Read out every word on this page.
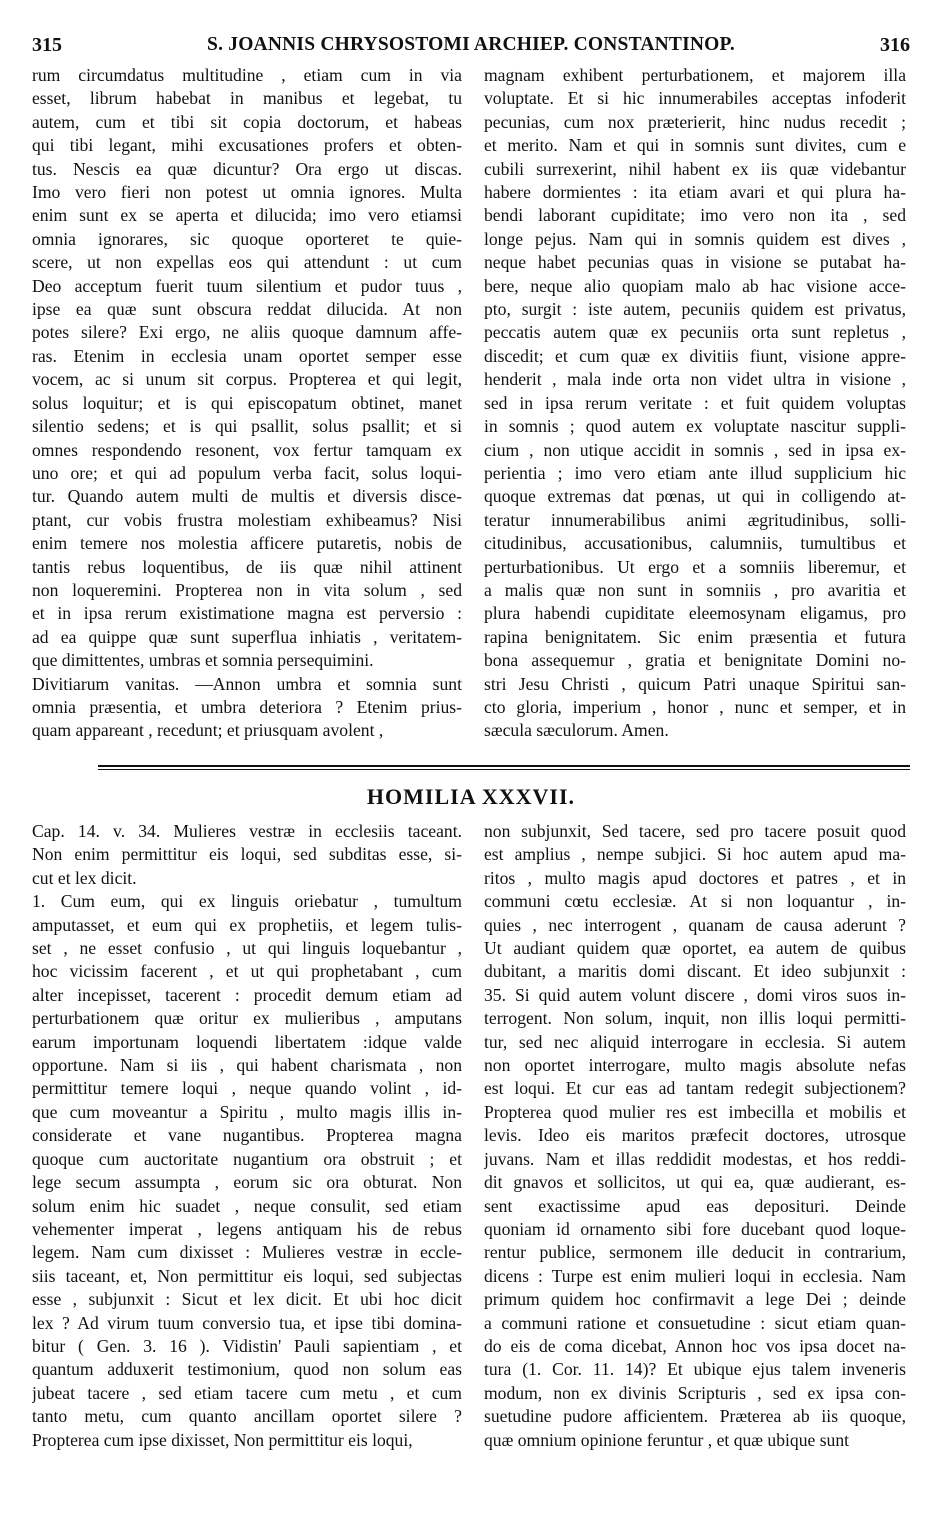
315	S. JOANNIS CHRYSOSTOMI ARCHIEP. CONSTANTINOP.	316
rum circumdatus multitudine , etiam cum in via
esset, librum habebat in manibus et legebat, tu
autem, cum et tibi sit copia doctorum, et habeas
qui tibi legant, mihi excusationes profers et obten-
tus. Nescis ea quæ dicuntur? Ora ergo ut discas.
Imo vero fieri non potest ut omnia ignores. Multa
enim sunt ex se aperta et dilucida; imo vero etiamsi
omnia ignorares, sic quoque oporteret te quie-
scere, ut non expellas eos qui attendunt : ut cum
Deo acceptum fuerit tuum silentium et pudor tuus ,
ipse ea quæ sunt obscura reddat dilucida. At non
potes silere? Exi ergo, ne aliis quoque damnum affe-
ras. Etenim in ecclesia unam oportet semper esse
vocem, ac si unum sit corpus. Propterea et qui legit,
solus loquitur; et is qui episcopatum obtinet, manet
silentio sedens; et is qui psallit, solus psallit; et si
omnes respondendo resonent, vox fertur tamquam ex
uno ore; et qui ad populum verba facit, solus loqui-
tur. Quando autem multi de multis et diversis disce-
ptant, cur vobis frustra molestiam exhibeamus? Nisi
enim temere nos molestia afficere putaretis, nobis de
tantis rebus loquentibus, de iis quæ nihil attinent
non loqueremini. Propterea non in vita solum , sed
et in ipsa rerum existimatione magna est perversio :
ad ea quippe quæ sunt superflua inhiatis , veritatem-
que dimittentes, umbras et somnia persequimini.
Divitiarum vanitas. —Annon umbra et somnia sunt
omnia præsentia, et umbra deteriora ? Etenim prius-
quam appareant , recedunt; et priusquam avolent ,
magnam exhibent perturbationem, et majorem illa
voluptate. Et si hic innumerabiles acceptas infoderit
pecunias, cum nox præterierit, hinc nudus recedit ;
et merito. Nam et qui in somnis sunt divites, cum e
cubili surrexerint, nihil habent ex iis quæ videbantur
habere dormientes : ita etiam avari et qui plura ha-
bendi laborant cupiditate; imo vero non ita , sed
longe pejus. Nam qui in somnis quidem est dives ,
neque habet pecunias quas in visione se putabat ha-
bere, neque alio quopiam malo ab hac visione acce-
pto, surgit : iste autem, pecuniis quidem est privatus,
peccatis autem quæ ex pecuniis orta sunt repletus ,
discedit; et cum quæ ex divitiis fiunt, visione appre-
henderit , mala inde orta non videt ultra in visione ,
sed in ipsa rerum veritate : et fuit quidem voluptas
in somnis ; quod autem ex voluptate nascitur suppli-
cium , non utique accidit in somnis , sed in ipsa ex-
perientia ; imo vero etiam ante illud supplicium hic
quoque extremas dat pœnas, ut qui in colligendo at-
teratur innumerabilibus animi ægritudinibus, solli-
citudinibus, accusationibus, calumniis, tumultibus et
perturbationibus. Ut ergo et a somniis liberemur, et
a malis quæ non sunt in somniis , pro avaritia et
plura habendi cupiditate eleemosynam eligamus, pro
rapina benignitatem. Sic enim præsentia et futura
bona assequemur , gratia et benignitate Domini no-
stri Jesu Christi , quicum Patri unaque Spiritui san-
cto gloria, imperium , honor , nunc et semper, et in
sæcula sæculorum. Amen.
HOMILIA XXXVII.
Cap. 14. v. 34. Mulieres vestræ in ecclesiis taceant.
Non enim permittitur eis loqui, sed subditas esse, si-
cut et lex dicit.
1. Cum eum, qui ex linguis oriebatur , tumultum
amputasset, et eum qui ex prophetiis, et legem tulis-
set , ne esset confusio , ut qui linguis loquebantur ,
hoc vicissim facerent , et ut qui prophetabant , cum
alter incepisset, tacerent : procedit demum etiam ad
perturbationem quæ oritur ex mulieribus , amputans
earum importunam loquendi libertatem :idque valde
opportune. Nam si iis , qui habent charismata , non
permittitur temere loqui , neque quando volint , id-
que cum moveantur a Spiritu , multo magis illis in-
considerate et vane nugantibus. Propterea magna
quoque cum auctoritate nugantium ora obstruit ; et
lege secum assumpta , eorum sic ora obturat. Non
solum enim hic suadet , neque consulit, sed etiam
vehementer imperat , legens antiquam his de rebus
legem. Nam cum dixisset : Mulieres vestræ in eccle-
siis taceant, et, Non permittitur eis loqui, sed subjectas
esse , subjunxit : Sicut et lex dicit. Et ubi hoc dicit
lex ? Ad virum tuum conversio tua, et ipse tibi domina-
bitur ( Gen. 3. 16 ). Vidistin' Pauli sapientiam , et
quantum adduxerit testimonium, quod non solum eas
jubeat tacere , sed etiam tacere cum metu , et cum
tanto metu, cum quanto ancillam oportet silere ?
Propterea cum ipse dixisset, Non permittitur eis loqui,
non subjunxit, Sed tacere, sed pro tacere posuit quod
est amplius , nempe subjici. Si hoc autem apud ma-
ritos , multo magis apud doctores et patres , et in
communi cœtu ecclesiæ. At si non loquantur , in-
quies , nec interrogent , quanam de causa aderunt ?
Ut audiant quidem quæ oportet, ea autem de quibus
dubitant, a maritis domi discant. Et ideo subjunxit :
35. Si quid autem volunt discere , domi viros suos in-
terrogent. Non solum, inquit, non illis loqui permitti-
tur, sed nec aliquid interrogare in ecclesia. Si autem
non oportet interrogare, multo magis absolute nefas
est loqui. Et cur eas ad tantam redegit subjectionem?
Propterea quod mulier res est imbecilla et mobilis et
levis. Ideo eis maritos præfecit doctores, utrosque
juvans. Nam et illas reddidit modestas, et hos reddi-
dit gnavos et sollicitos, ut qui ea, quæ audierant, es-
sent exactissime apud eas depositurі. Deinde
quoniam id ornamento sibi fore ducebant quod loque-
rentur publice, sermonem ille deducit in contrarium,
dicens : Turpe est enim mulieri loqui in ecclesia. Nam
primum quidem hoc confirmavit a lege Dei ; deinde
a communi ratione et consuetudine : sicut etiam quan-
do eis de coma dicebat, Annon hoc vos ipsa docet na-
tura (1. Cor. 11. 14)? Et ubique ejus talem inveneris
modum, non ex divinis Scripturis , sed ex ipsa con-
suetudine pudore afficientem. Præterea ab iis quoque,
quæ omnium opinione feruntur , et quæ ubique sunt
